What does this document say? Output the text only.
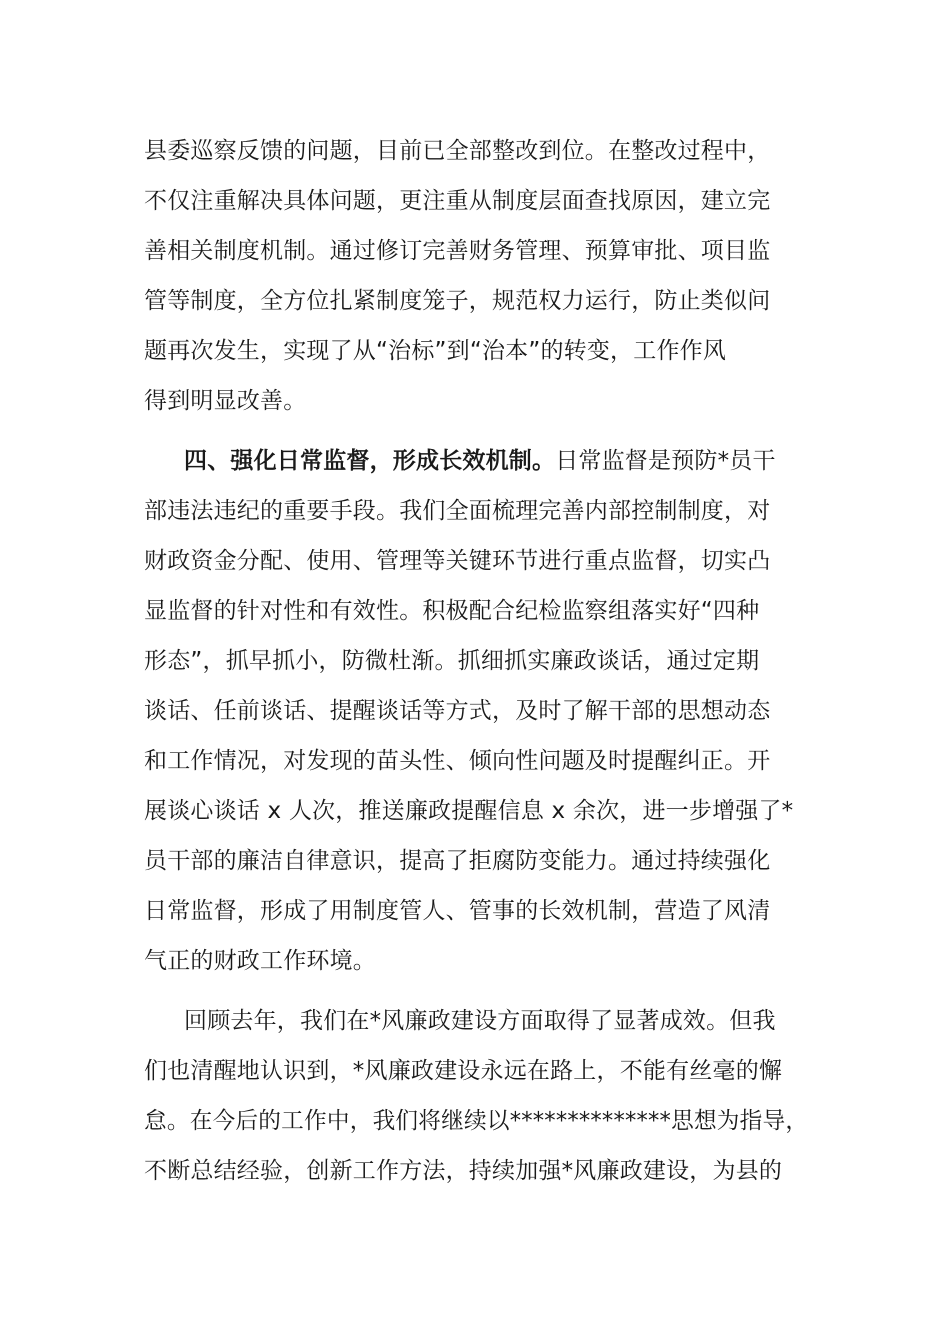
县委巡察反馈的问题，目前已全部整改到位。在整改过程中，
不仅注重解决具体问题，更注重从制度层面查找原因，建立完
善相关制度机制。通过修订完善财务管理、预算审批、项目监
管等制度，全方位扎紧制度笼子，规范权力运行，防止类似问
题再次发生，实现了从“治标”到“治本”的转变，工作作风
得到明显改善。
四、强化日常监督，形成长效机制。日常监督是预防*员干
部违法违纪的重要手段。我们全面梳理完善内部控制制度，对
财政资金分配、使用、管理等关键环节进行重点监督，切实凸
显监督的针对性和有效性。积极配合纪检监察组落实好“四种
形态”，抓早抓小，防微杜渐。抓细抓实廉政谈话，通过定期
谈话、任前谈话、提醒谈话等方式，及时了解干部的思想动态
和工作情况，对发现的苗头性、倾向性问题及时提醒纠正。开
展谈心谈话 x 人次，推送廉政提醒信息 x 余次，进一步增强了*
员干部的廉洁自律意识，提高了拒腐防变能力。通过持续强化
日常监督，形成了用制度管人、管事的长效机制，营造了风清
气正的财政工作环境。
回顾去年，我们在*风廉政建设方面取得了显著成效。但我
们也清醒地认识到，*风廉政建设永远在路上，不能有丝毫的懈
怠。在今后的工作中，我们将继续以**************思想为指导，
不断总结经验，创新工作方法，持续加强*风廉政建设，为县的
